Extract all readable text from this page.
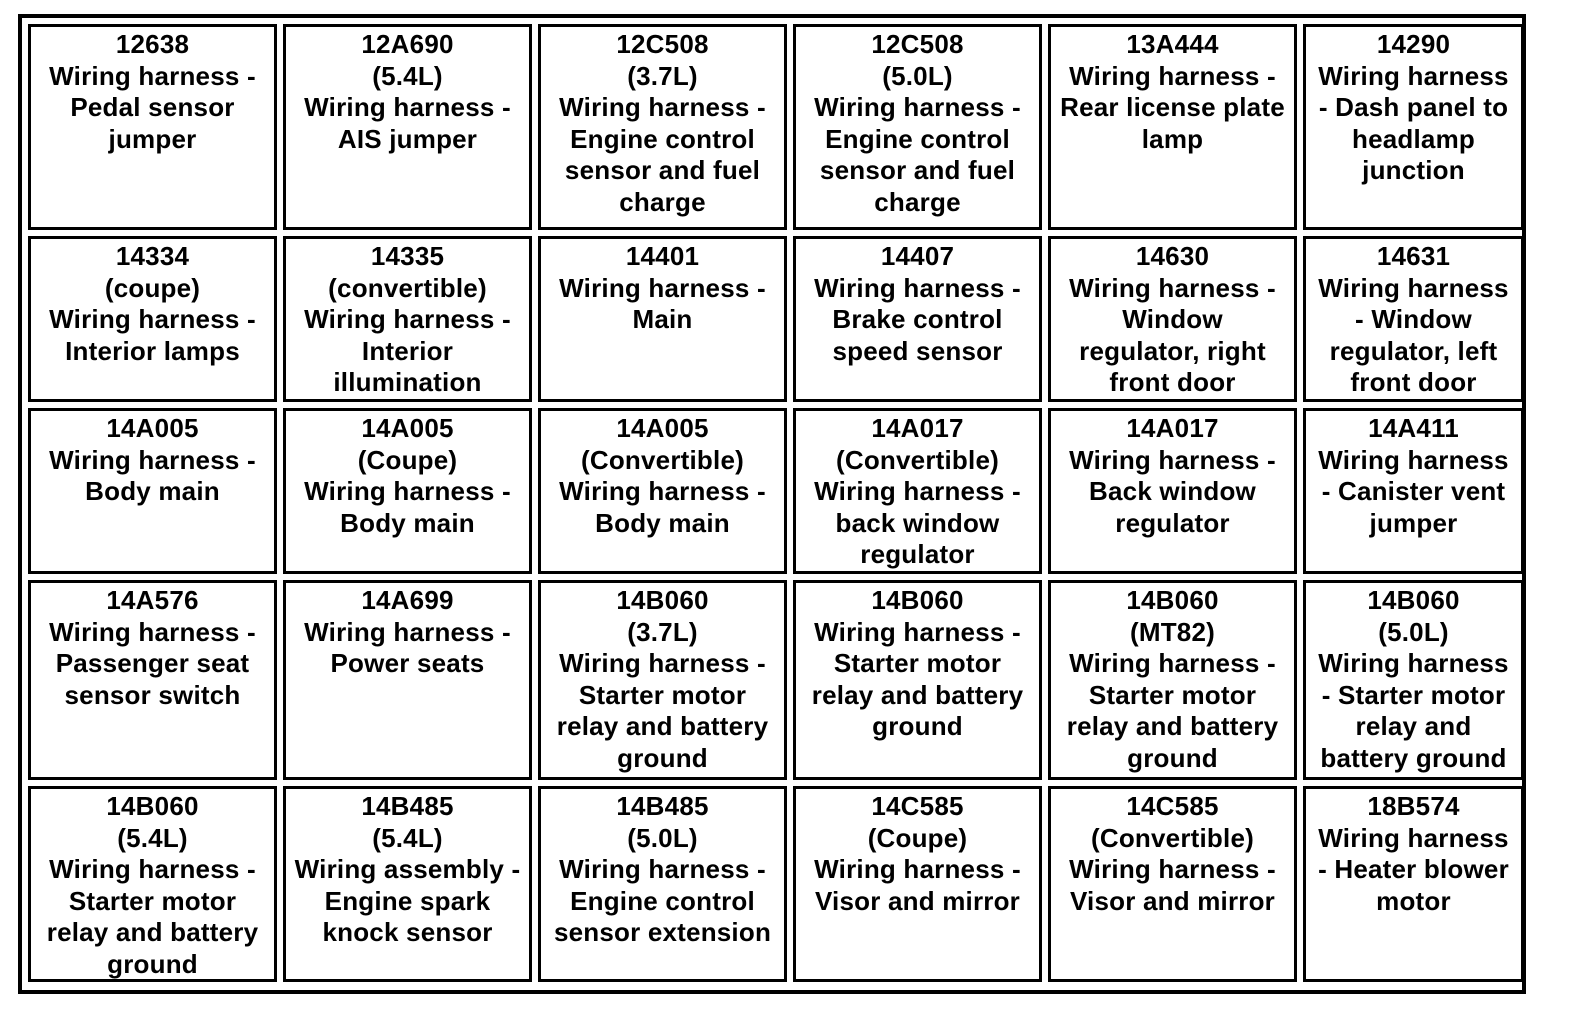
12638
Wiring harness -
Pedal sensor
jumper
12A690
(5.4L)
Wiring harness -
AIS jumper
12C508
(3.7L)
Wiring harness -
Engine control
sensor and fuel
charge
12C508
(5.0L)
Wiring harness -
Engine control
sensor and fuel
charge
13A444
Wiring harness -
Rear license plate
lamp
14290
Wiring harness
- Dash panel to
headlamp
junction
14334
(coupe)
Wiring harness -
Interior lamps
14335
(convertible)
Wiring harness -
Interior
illumination
14401
Wiring harness -
Main
14407
Wiring harness -
Brake control
speed sensor
14630
Wiring harness -
Window
regulator, right
front door
14631
Wiring harness
- Window
regulator, left
front door
14A005
Wiring harness -
Body main
14A005
(Coupe)
Wiring harness -
Body main
14A005
(Convertible)
Wiring harness -
Body main
14A017
(Convertible)
Wiring harness -
back window
regulator
14A017
Wiring harness -
Back window
regulator
14A411
Wiring harness
- Canister vent
jumper
14A576
Wiring harness -
Passenger seat
sensor switch
14A699
Wiring harness -
Power seats
14B060
(3.7L)
Wiring harness -
Starter motor
relay and battery
ground
14B060
Wiring harness -
Starter motor
relay and battery
ground
14B060
(MT82)
Wiring harness -
Starter motor
relay and battery
ground
14B060
(5.0L)
Wiring harness
- Starter motor
relay and
battery ground
14B060
(5.4L)
Wiring harness -
Starter motor
relay and battery
ground
14B485
(5.4L)
Wiring assembly -
Engine spark
knock sensor
14B485
(5.0L)
Wiring harness -
Engine control
sensor extension
14C585
(Coupe)
Wiring harness -
Visor and mirror
14C585
(Convertible)
Wiring harness -
Visor and mirror
18B574
Wiring harness
- Heater blower
motor
